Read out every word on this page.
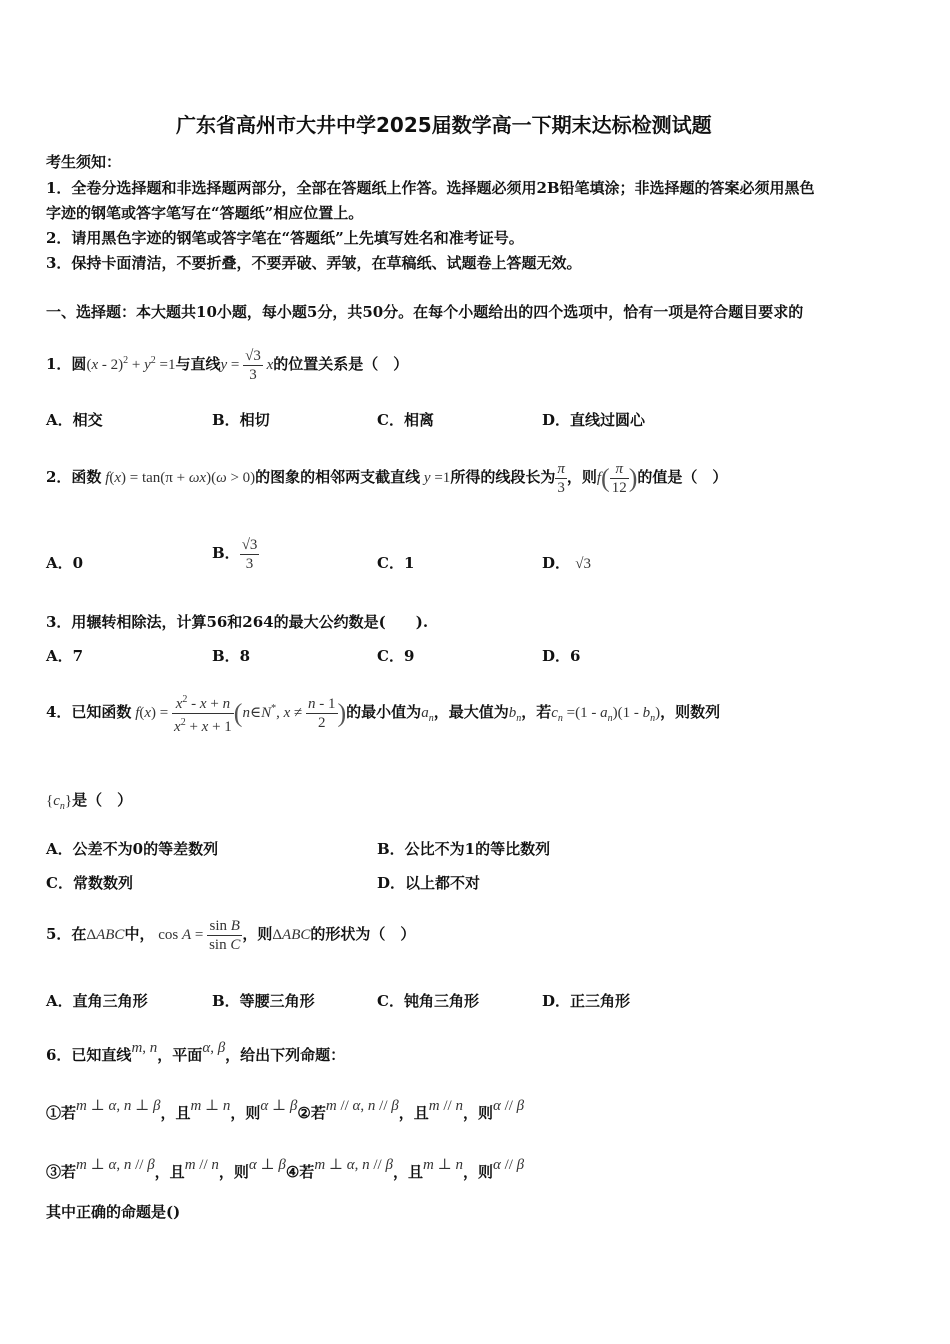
广东省高州市大井中学2025届数学高一下期末达标检测试题
考生须知：
1．全卷分选择题和非选择题两部分，全部在答题纸上作答。选择题必须用2B铅笔填涂；非选择题的答案必须用黑色
字迹的钢笔或答字笔写在“答题纸”相应位置上。
2．请用黑色字迹的钢笔或答字笔在“答题纸”上先填写姓名和准考证号。
3．保持卡面清洁，不要折叠，不要弄破、弄皱，在草稿纸、试题卷上答题无效。
一、选择题：本大题共10小题，每小题5分，共50分。在每个小题给出的四个选项中，恰有一项是符合题目要求的
1．圆$(x - 2)^2 + y^2 =1$与直线$y = \frac{√3}{3}$ x的位置关系是（　）
A．相交	B．相切	C．相离	D．直线过圆心
2．函数 f(x) = tan(π + ωx)(ω > 0)的图象的相邻两支截直线 y =1所得的线段长为 $\frac{\pi}{3}$ ，则$f( \frac{\pi}{12}$ )的值是（　）
A．0
B． $\frac{√3}{3}$	C．1	D． √3
3．用辗转相除法，计算56和264的最大公约数是(　　).
A．7	B．8	C．9	D．6
4．已知函数 $f(x) = \frac{x^2 - x + n}{x^2 + x + 1}$ (n∈N*, $x \ne \frac{n - 1}{2}$ )的最小值为$a_n$，最大值为$b_n$，若$c_n =(1 - a_n)(1 - b_n)$，则数列
$\{c_n\}$是（　）
A．公差不为0的等差数列	B．公比不为1的等比数列
C．常数数列	D．以上都不对
5．在ΔABC中， $\cos A = \frac{\text{sin B}}{\text{sin C}}$ ，则ΔABC的形状为（　）
A．直角三角形	B．等腰三角形	C．钝角三角形	D．正三角形
6．已知直线m, n，平面α, β，给出下列命题：
①若m ⊥ α, n ⊥ β，且m ⊥ n，则α ⊥ β②若m // α, n // β，且m // n，则α // β
③若m ⊥ α, n // β，且m // n，则α ⊥ β④若m ⊥ α, n // β，且m ⊥ n，则α // β
其中正确的命题是()
